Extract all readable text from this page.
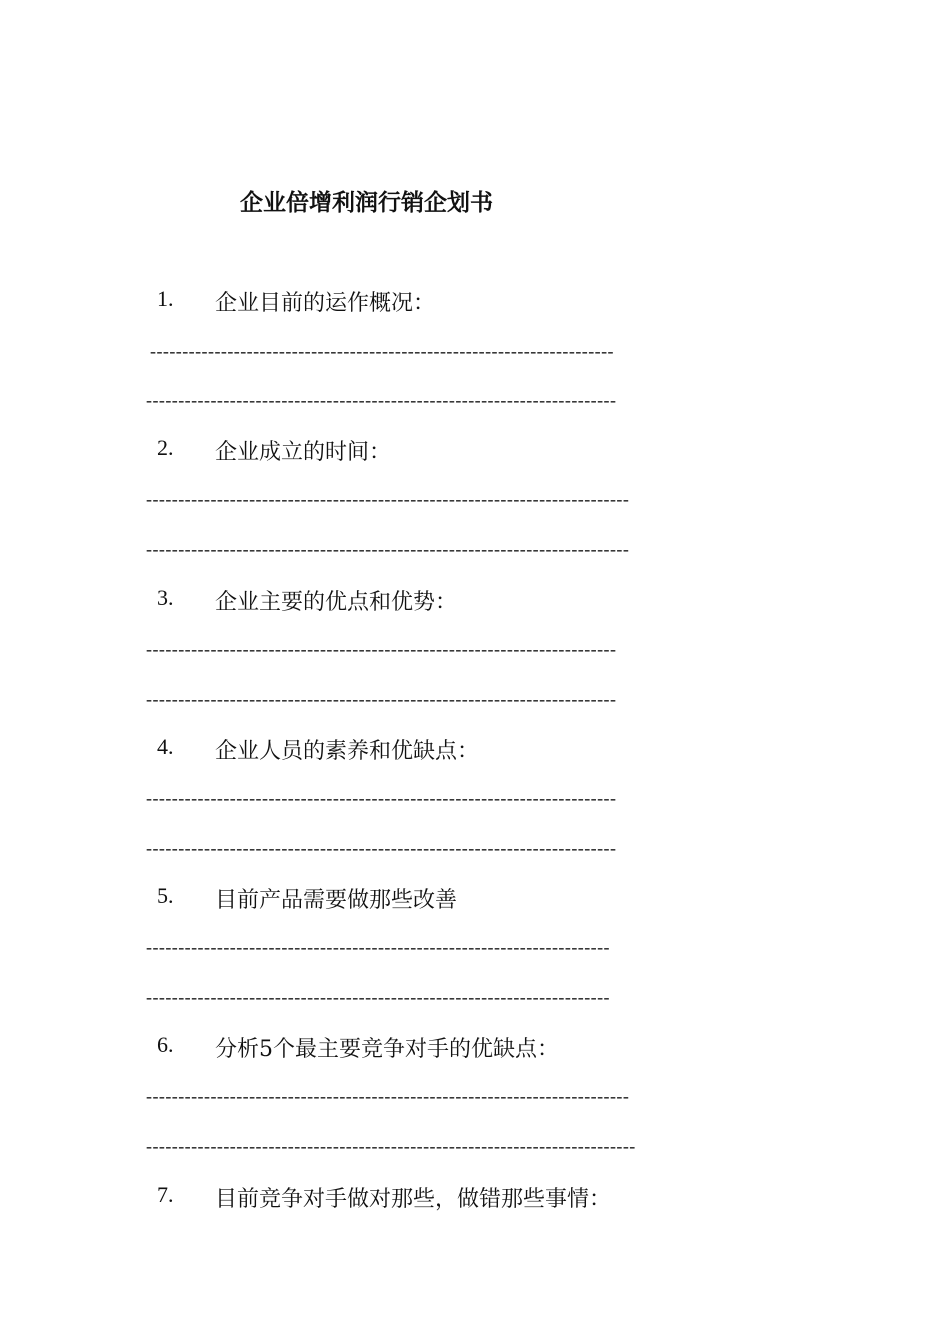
企业倍增利润行销企划书
1. 企业目前的运作概况：
------------------------------------------------------------------------
-------------------------------------------------------------------------
2. 企业成立的时间：
---------------------------------------------------------------------------
---------------------------------------------------------------------------
3. 企业主要的优点和优势：
-------------------------------------------------------------------------
-------------------------------------------------------------------------
4. 企业人员的素养和优缺点：
-------------------------------------------------------------------------
-------------------------------------------------------------------------
5. 目前产品需要做那些改善
------------------------------------------------------------------------
------------------------------------------------------------------------
6. 分析5个最主要竞争对手的优缺点：
---------------------------------------------------------------------------
----------------------------------------------------------------------------
7. 目前竞争对手做对那些，做错那些事情：
